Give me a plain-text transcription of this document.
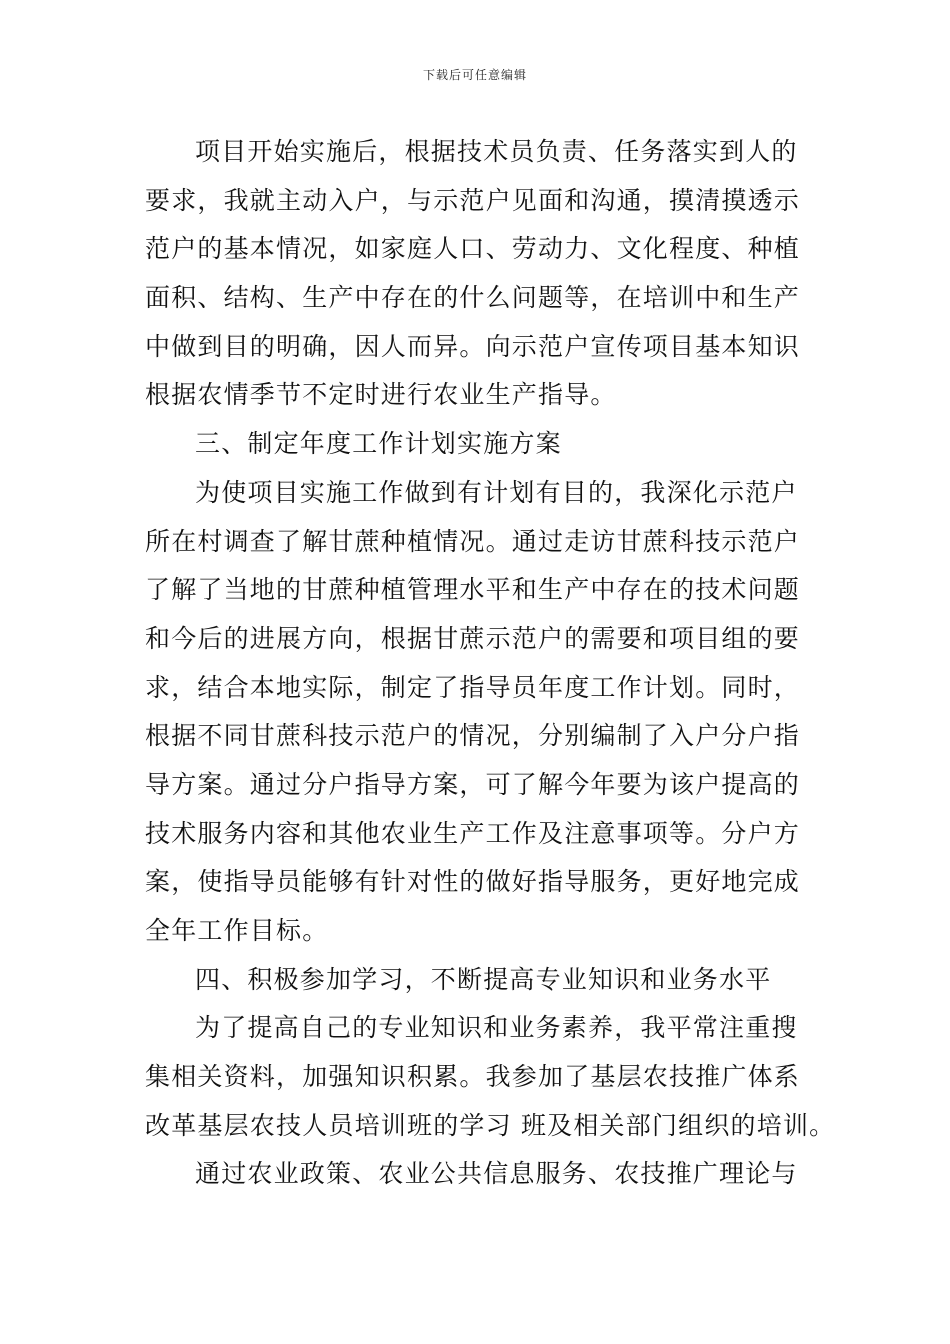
下载后可任意编辑
项目开始实施后，根据技术员负责、任务落实到人的
要求，我就主动入户，与示范户见面和沟通，摸清摸透示
范户的基本情况，如家庭人口、劳动力、文化程度、种植
面积、结构、生产中存在的什么问题等，在培训中和生产
中做到目的明确，因人而异。向示范户宣传项目基本知识
根据农情季节不定时进行农业生产指导。
三、制定年度工作计划实施方案
为使项目实施工作做到有计划有目的，我深化示范户
所在村调查了解甘蔗种植情况。通过走访甘蔗科技示范户
了解了当地的甘蔗种植管理水平和生产中存在的技术问题
和今后的进展方向，根据甘蔗示范户的需要和项目组的要
求，结合本地实际，制定了指导员年度工作计划。同时，
根据不同甘蔗科技示范户的情况，分别编制了入户分户指
导方案。通过分户指导方案，可了解今年要为该户提高的
技术服务内容和其他农业生产工作及注意事项等。分户方
案，使指导员能够有针对性的做好指导服务，更好地完成
全年工作目标。
四、积极参加学习，不断提高专业知识和业务水平
为了提高自己的专业知识和业务素养，我平常注重搜
集相关资料，加强知识积累。我参加了基层农技推广体系
改革基层农技人员培训班的学习 班及相关部门组织的培训。
通过农业政策、农业公共信息服务、农技推广理论与
